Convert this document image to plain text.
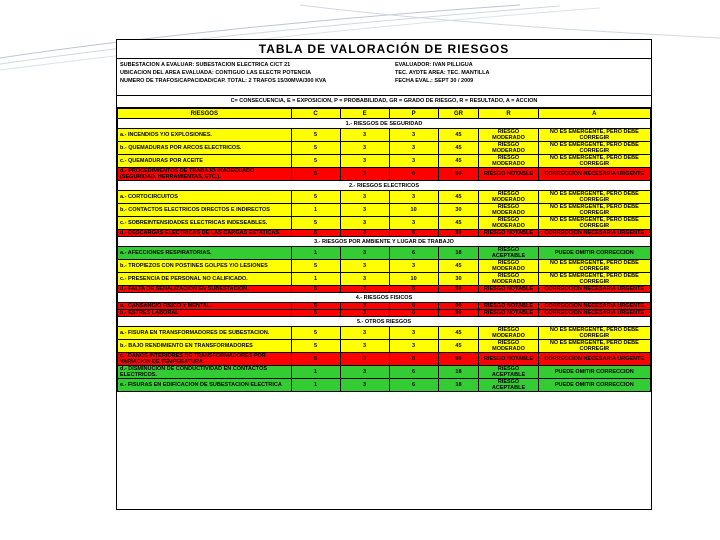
TABLA DE VALORACIÓN DE RIESGOS
SUBESTACION A EVALUAR: SUBESTACION ELECTRICA C/CT 21
UBICACION DEL AREA EVALUADA: CONTIGUO LAS ELECTR POTENCIA
NUMERO DE TRAFOS/CAPACIDAD/CAP. TOTAL: 2 TRAFOS 15/30MVA/300 KVA
EVALUADOR: IVAN PILLIGUA
TEC. AYDTE AREA: TEC. MANTILLA
FECHA EVAL.: SEPT 30 / 2009
C= CONSECUENCIA, E = EXPOSICION, P = PROBABILIDAD, GR = GRADO DE RIESGO, R = RESULTADO, A = ACCION
RIESGOS	C	E	P	GR	R	A
1.- RIESGOS DE SEGURIDAD						
a.- INCENDIOS Y/O EXPLOSIONES.	5	3	3	45	RIESGO MODERADO	NO ES EMERGENTE, PERO DEBE CORREGIR
b.- QUEMADURAS POR ARCOS ELECTRICOS.	5	3	3	45	RIESGO MODERADO	NO ES EMERGENTE, PERO DEBE CORREGIR
c.- QUEMADURAS POR ACEITE	5	3	3	45	RIESGO MODERADO	NO ES EMERGENTE, PERO DEBE CORREGIR
d.- PROCEDIMIENTOS DE TRABAJO INADECUADO (SEGURIDAD, HERRAMIENTAS, ETC.).	5	3	6	90	RIESGO NOTABLE	CORRECCION NECESARIA URGENTE
2.- RIESGOS ELECTRICOS						
a.- CORTOCIRCUITOS	5	3	3	45	RIESGO MODERADO	NO ES EMERGENTE, PERO DEBE CORREGIR
b.- CONTACTOS ELECTRICOS DIRECTOS E INDIRECTOS	1	3	10	30	RIESGO MODERADO	NO ES EMERGENTE, PERO DEBE CORREGIR
c.- SOBREINTENSIDADES ELECTRICAS INDESEABLES.	5	3	3	45	RIESGO MODERADO	NO ES EMERGENTE, PERO DEBE CORREGIR
d.- DESCARGAS ELECTRICAS DE LAS CARGAS ESTATICAS.	5	3	6	90	RIESGO NOTABLE	CORRECCION NECESARIA URGENTE
3.- RIESGOS POR AMBIENTE Y LUGAR DE TRABAJO						
a.- AFECCIONES RESPIRATORIAS.	1	3	6	18	RIESGO ACEPTABLE	PUEDE OMITIR CORRECCION
b.- TROPIEZOS CON POSTINES GOLPES Y/O LESIONES	5	3	3	45	RIESGO MODERADO	NO ES EMERGENTE, PERO DEBE CORREGIR
c.- PRESENCIA DE PERSONAL NO CALIFICADO.	1	3	10	30	RIESGO MODERADO	NO ES EMERGENTE, PERO DEBE CORREGIR
d.- FALTA DE SEÑALIZACION EN SUBESTACION.	5	3	6	90	RIESGO NOTABLE	CORRECCION NECESARIA URGENTE
4.- RIESGOS FISICOS						
a.- CANSANCIO FISICO Y MENTAL.	5	3	6	90	RIESGO NOTABLE	CORRECCION NECESARIA URGENTE
b.- ESTRES LABORAL	5	3	6	90	RIESGO NOTABLE	CORRECCION NECESARIA URGENTE
5.- OTROS RIESGOS						
a.- FISURA EN TRANSFORMADORES DE SUBESTACION.	5	3	3	45	RIESGO MODERADO	NO ES EMERGENTE, PERO DEBE CORREGIR
b.- BAJO RENDIMIENTO EN TRANSFORMADORES	5	3	3	45	RIESGO MODERADO	NO ES EMERGENTE, PERO DEBE CORREGIR
c.- DAÑOS INTERIORES DE TRANSFORMADORES POR VARIACION DE TEMPERATURA.	5	3	6	90	RIESGO NOTABLE	CORRECCION NECESARIA URGENTE
d.- DISMINUCION DE CONDUCTIVIDAD EN CONTACTOS ELECTRICOS.	1	3	6	18	RIESGO ACEPTABLE	PUEDE OMITIR CORRECCION
e.- FISURAS EN EDIFICACION DE SUBESTACION ELECTRICA	1	3	6	18	RIESGO ACEPTABLE	PUEDE OMITIR CORRECCION
